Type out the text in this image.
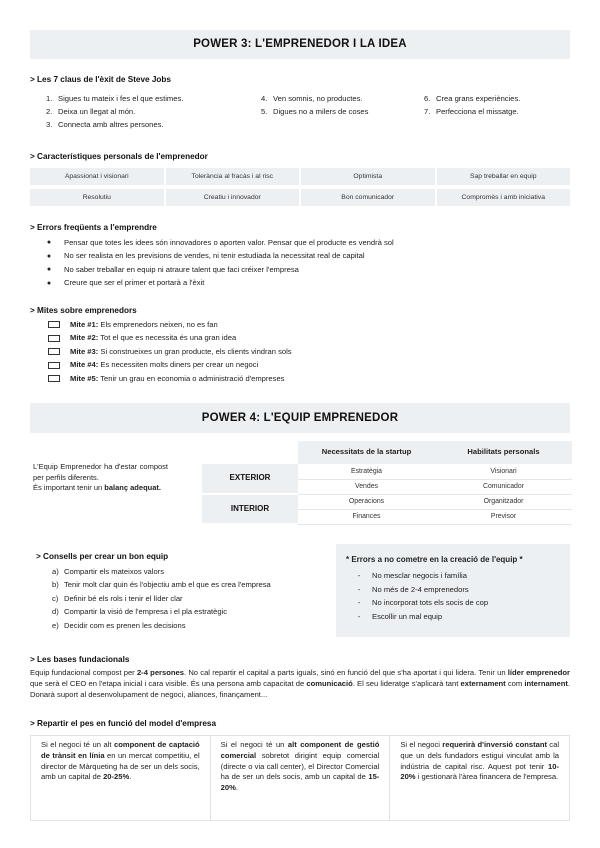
POWER 3: L'EMPRENEDOR I LA IDEA
> Les 7 claus de l'èxit de Steve Jobs
1. Sigues tu mateix i fes el que estimes.
2. Deixa un llegat al món.
3. Connecta amb altres persones.
4. Ven somnis, no productes.
5. Digues no a milers de coses
6. Crea grans experiències.
7. Perfecciona el missatge.
> Característiques personals de l'emprenedor
Apassionat i visionari	Tolerància al fracàs i al risc	Optimista	Sap treballar en equip
Resolutiu	Creatiu i innovador	Bon comunicador	Compromès i amb iniciativa
> Errors freqüents a l'emprendre
●	Pensar que totes les idees són innovadores o aporten valor. Pensar que el producte es vendrà sol
●	No ser realista en les previsions de vendes, ni tenir estudiada la necessitat real de capital
●	No saber treballar en equip ni atraure talent que faci créixer l'empresa
●	Creure que ser el primer et portarà a l'èxit
> Mites sobre emprenedors
Mite #1: Els emprenedors neixen, no es fan
Mite #2: Tot el que es necessita és una gran idea
Mite #3: Si construeixes un gran producte, els clients vindran sols
Mite #4: Es necessiten molts diners per crear un negoci
Mite #5: Tenir un grau en economia o administració d'empreses
POWER 4: L'EQUIP EMPRENEDOR
L'Equip Emprenedor ha d'estar compost per perfils diferents.
És important tenir un balanç adequat.
	Necessitats de la startup	Habilitats personals
EXTERIOR	Estratègia	Visionari
	Vendes	Comunicador
INTERIOR	Operacions	Organitzador
	Finances	Previsor
> Consells per crear un bon equip
a) Compartir els mateixos valors
b) Tenir molt clar quin és l'objectiu amb el que es crea l'empresa
c) Definir bé els rols i tenir el líder clar
d) Compartir la visió de l'empresa i el pla estratègic
e) Decidir com es prenen les decisions
* Errors a no cometre en la creació de l'equip *
-	No mesclar negocis i família
-	No més de 2-4 emprenedors
-	No incorporat tots els socis de cop
-	Escollir un mal equip
> Les bases fundacionals
Equip fundacional compost per 2-4 persones. No cal repartir el capital a parts iguals, sinó en funció del que s'ha aportat i qui lidera. Tenir un líder emprenedor que serà el CEO en l'etapa inicial i cara visible. És una persona amb capacitat de comunicació. El seu lideratge s'aplicarà tant externament com internament. Donarà suport al desenvolupament de negoci, aliances, finançament...
> Repartir el pes en funció del model d'empresa
Si el negoci té un alt component de captació de trànsit en línia en un mercat competitiu, el director de Màrqueting ha de ser un dels socis, amb un capital de 20-25%.
Si el negoci té un alt component de gestió comercial sobretot dirigint equip comercial (directe o via call center), el Director Comercial ha de ser un dels socis, amb un capital de 15-20%.
Si el negoci requerirà d'inversió constant cal que un dels fundadors estigui vinculat amb la indústria de capital risc. Aquest pot tenir 10-20% i gestionarà l'àrea financera de l'empresa.
